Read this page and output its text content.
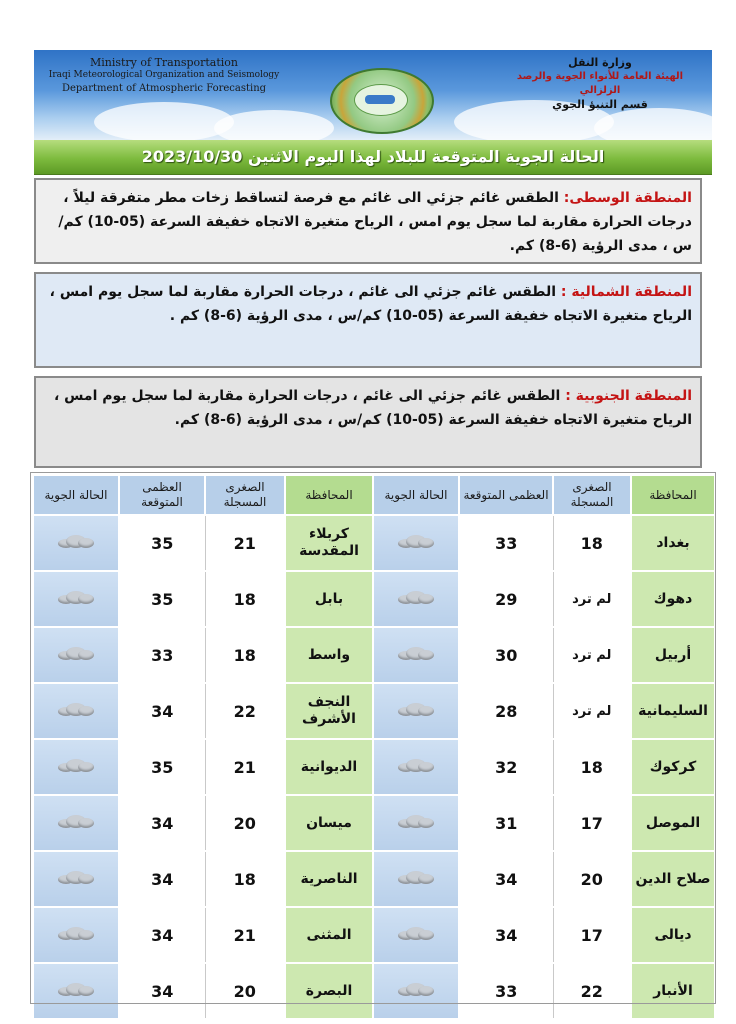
Ministry of Transportation
Iraqi Meteorological Organization and Seismology
Department of Atmospheric Forecasting
وزارة النقل
الهيئة العامة للأنواء الجوية والرصد الزلزالي
قسم التنبؤ الجوي
الحالة الجوية المتوقعة للبلاد لهذا اليوم الاثنين 2023/10/30
المنطقة الوسطى: الطقس غائم جزئي الى غائم مع فرصة لتساقط زخات مطر متفرقة ليلاً ، درجات الحرارة مقاربة لما سجل يوم امس ، الرياح متغيرة الاتجاه خفيفة السرعة (05-10) كم/س ، مدى الرؤية (6-8) كم.
المنطقة الشمالية : الطقس غائم جزئي الى غائم ، درجات الحرارة مقاربة لما سجل يوم امس ، الرياح متغيرة الاتجاه خفيفة السرعة (05-10) كم/س ، مدى الرؤية (6-8) كم .
المنطقة الجنوبية : الطقس غائم جزئي الى غائم ، درجات الحرارة مقاربة لما سجل يوم امس ، الرياح متغيرة الاتجاه خفيفة السرعة (05-10) كم/س ، مدى الرؤية (6-8) كم.
الحالة الجوية	العظمى المتوقعة	الصغرى المسجلة	المحافظة	الحالة الجوية	العظمى المتوقعة	الصغرى المسجلة	المحافظة

	35	21	كربلاء المقدسة		33	18	بغداد

	35	18	بابل		29	لم ترد	دهوك

	33	18	واسط		30	لم ترد	أربيل

	34	22	النجف الأشرف		28	لم ترد	السليمانية

	35	21	الديوانية		32	18	كركوك

	34	20	ميسان		31	17	الموصل

	34	18	الناصرية		34	20	صلاح الدين

	34	21	المثنى		34	17	ديالى

	34	20	البصرة		33	22	الأنبار
